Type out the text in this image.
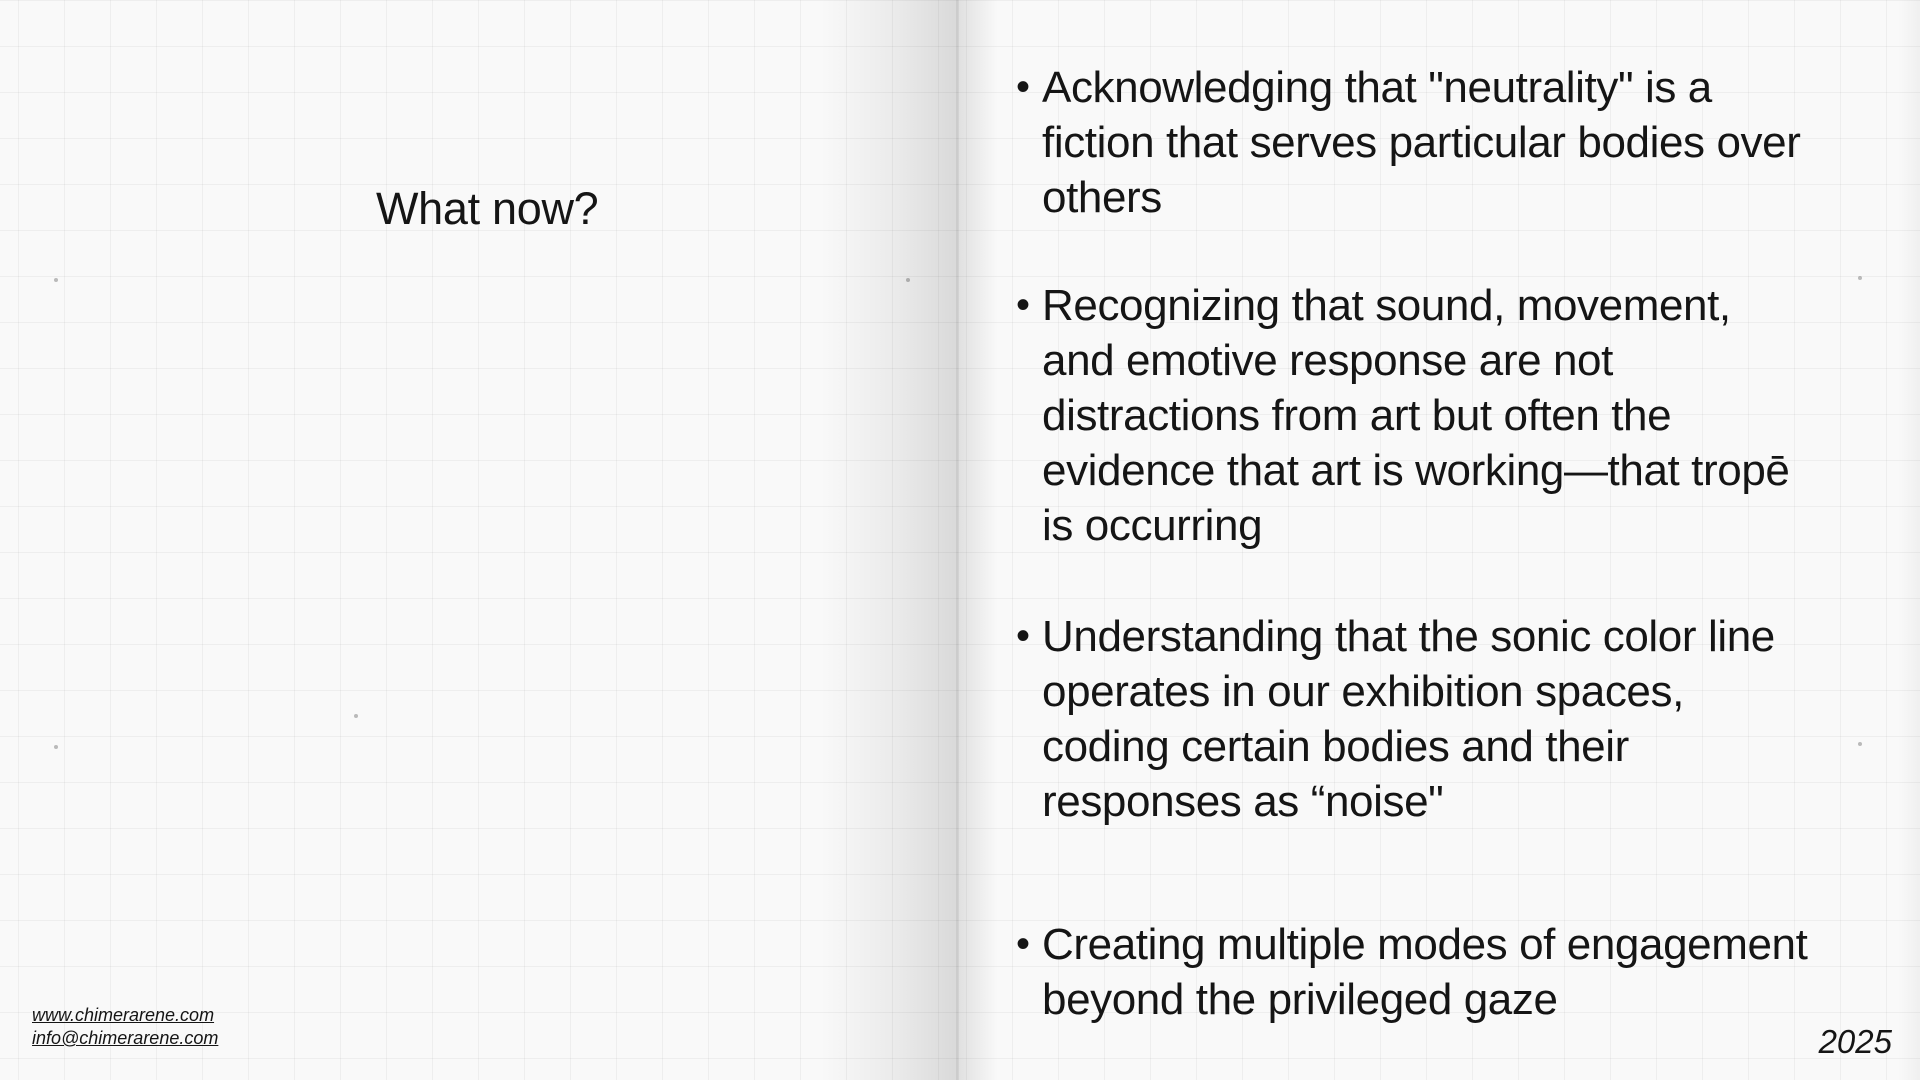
What now?
www.chimerarene.com
info@chimerarene.com
• Acknowledging that "neutrality" is a
fiction that serves particular bodies over
others
• Recognizing that sound, movement,
and emotive response are not
distractions from art but often the
evidence that art is working—that tropē
is occurring
• Understanding that the sonic color line
operates in our exhibition spaces,
coding certain bodies and their
responses as “noise"
• Creating multiple modes of engagement
beyond the privileged gaze
2025
